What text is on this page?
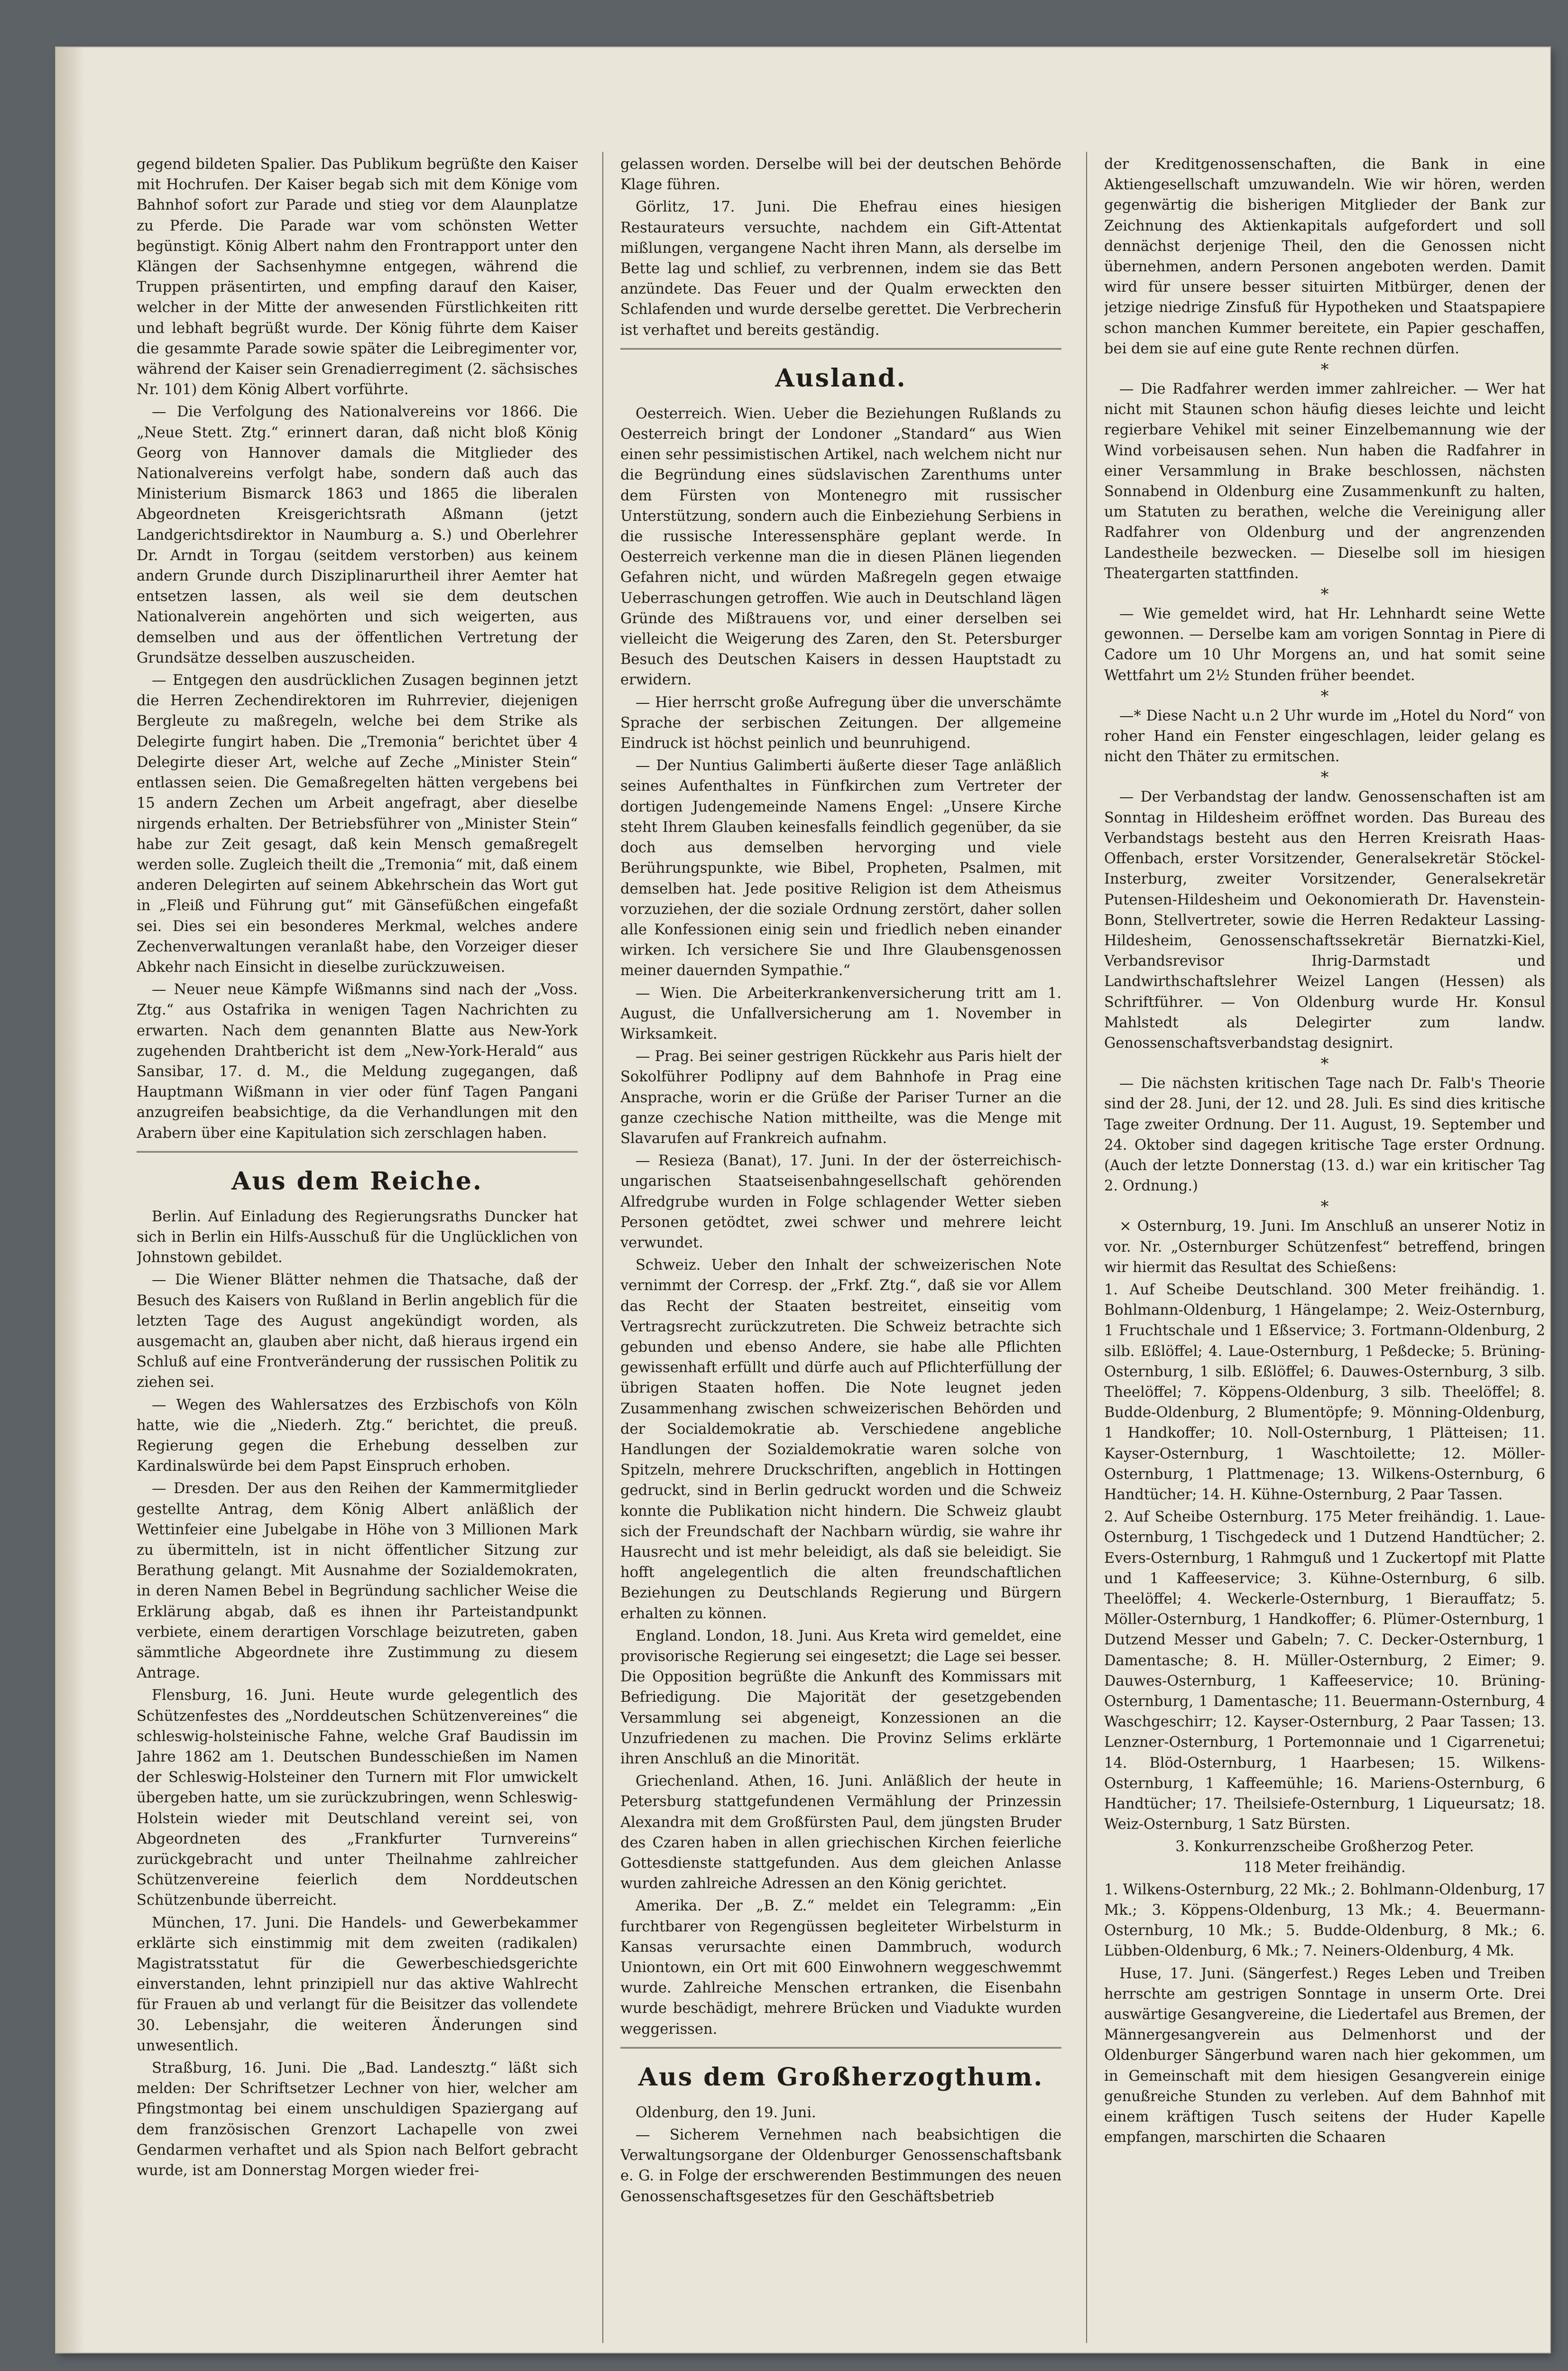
gegend bildeten Spalier. Das Publikum begrüßte den Kaiser mit Hochrufen. Der Kaiser begab sich mit dem Könige vom Bahnhof sofort zur Parade und stieg vor dem Alaunplatze zu Pferde. Die Parade war vom schönsten Wetter begünstigt. König Albert nahm den Frontrapport unter den Klängen der Sachsenhymne entgegen, während die Truppen präsentirten, und empfing darauf den Kaiser, welcher in der Mitte der anwesenden Fürstlichkeiten ritt und lebhaft begrüßt wurde. Der König führte dem Kaiser die gesammte Parade sowie später die Leibregimenter vor, während der Kaiser sein Grenadierregiment (2. sächsisches Nr. 101) dem König Albert vorführte.

— Die Verfolgung des Nationalvereins vor 1866. Die „Neue Stett. Ztg.“ erinnert daran, daß nicht bloß König Georg von Hannover damals die Mitglieder des Nationalvereins verfolgt habe, sondern daß auch das Ministerium Bismarck 1863 und 1865 die liberalen Abgeordneten Kreisgerichtsrath Aßmann (jetzt Landgerichtsdirektor in Naumburg a. S.) und Oberlehrer Dr. Arndt in Torgau (seitdem verstorben) aus keinem andern Grunde durch Disziplinarurtheil ihrer Aemter hat entsetzen lassen, als weil sie dem deutschen Nationalverein angehörten und sich weigerten, aus demselben und aus der öffentlichen Vertretung der Grundsätze desselben auszuscheiden.

— Entgegen den ausdrücklichen Zusagen beginnen jetzt die Herren Zechendirektoren im Ruhrrevier, diejenigen Bergleute zu maßregeln, welche bei dem Strike als Delegirte fungirt haben. Die „Tremonia“ berichtet über 4 Delegirte dieser Art, welche auf Zeche „Minister Stein“ entlassen seien. Die Gemaßregelten hätten vergebens bei 15 andern Zechen um Arbeit angefragt, aber dieselbe nirgends erhalten. Der Betriebsführer von „Minister Stein“ habe zur Zeit gesagt, daß kein Mensch gemaßregelt werden solle. Zugleich theilt die „Tremonia“ mit, daß einem anderen Delegirten auf seinem Abkehrschein das Wort gut in „Fleiß und Führung gut“ mit Gänsefüßchen eingefaßt sei. Dies sei ein besonderes Merkmal, welches andere Zechenverwaltungen veranlaßt habe, den Vorzeiger dieser Abkehr nach Einsicht in dieselbe zurückzuweisen.

— Neuer neue Kämpfe Wißmanns sind nach der „Voss. Ztg.“ aus Ostafrika in wenigen Tagen Nachrichten zu erwarten. Nach dem genannten Blatte aus New-York zugehenden Drahtbericht ist dem „New-York-Herald“ aus Sansibar, 17. d. M., die Meldung zugegangen, daß Hauptmann Wißmann in vier oder fünf Tagen Pangani anzugreifen beabsichtige, da die Verhandlungen mit den Arabern über eine Kapitulation sich zerschlagen haben.

Aus dem Reiche.

Berlin. Auf Einladung des Regierungsraths Duncker hat sich in Berlin ein Hilfs-Ausschuß für die Unglücklichen von Johnstown gebildet.

— Die Wiener Blätter nehmen die Thatsache, daß der Besuch des Kaisers von Rußland in Berlin angeblich für die letzten Tage des August angekündigt worden, als ausgemacht an, glauben aber nicht, daß hieraus irgend ein Schluß auf eine Frontveränderung der russischen Politik zu ziehen sei.

— Wegen des Wahlersatzes des Erzbischofs von Köln hatte, wie die „Niederh. Ztg.“ berichtet, die preuß. Regierung gegen die Erhebung desselben zur Kardinalswürde bei dem Papst Einspruch erhoben.

— Dresden. Der aus den Reihen der Kammermitglieder gestellte Antrag, dem König Albert anläßlich der Wettinfeier eine Jubelgabe in Höhe von 3 Millionen Mark zu übermitteln, ist in nicht öffentlicher Sitzung zur Berathung gelangt. Mit Ausnahme der Sozialdemokraten, in deren Namen Bebel in Begründung sachlicher Weise die Erklärung abgab, daß es ihnen ihr Parteistandpunkt verbiete, einem derartigen Vorschlage beizutreten, gaben sämmtliche Abgeordnete ihre Zustimmung zu diesem Antrage.

Flensburg, 16. Juni. Heute wurde gelegentlich des Schützenfestes des „Norddeutschen Schützenvereines“ die schleswig-holsteinische Fahne, welche Graf Baudissin im Jahre 1862 am 1. Deutschen Bundesschießen im Namen der Schleswig-Holsteiner den Turnern mit Flor umwickelt übergeben hatte, um sie zurückzubringen, wenn Schleswig-Holstein wieder mit Deutschland vereint sei, von Abgeordneten des „Frankfurter Turnvereins“ zurückgebracht und unter Theilnahme zahlreicher Schützenvereine feierlich dem Norddeutschen Schützenbunde überreicht.

München, 17. Juni. Die Handels- und Gewerbekammer erklärte sich einstimmig mit dem zweiten (radikalen) Magistratsstatut für die Gewerbeschiedsgerichte einverstanden, lehnt prinzipiell nur das aktive Wahlrecht für Frauen ab und verlangt für die Beisitzer das vollendete 30. Lebensjahr, die weiteren Änderungen sind unwesentlich.

Straßburg, 16. Juni. Die „Bad. Landesztg.“ läßt sich melden: Der Schriftsetzer Lechner von hier, welcher am Pfingstmontag bei einem unschuldigen Spaziergang auf dem französischen Grenzort Lachapelle von zwei Gendarmen verhaftet und als Spion nach Belfort gebracht wurde, ist am Donnerstag Morgen wieder frei-

gelassen worden. Derselbe will bei der deutschen Behörde Klage führen.

Görlitz, 17. Juni. Die Ehefrau eines hiesigen Restaurateurs versuchte, nachdem ein Gift-Attentat mißlungen, vergangene Nacht ihren Mann, als derselbe im Bette lag und schlief, zu verbrennen, indem sie das Bett anzündete. Das Feuer und der Qualm erweckten den Schlafenden und wurde derselbe gerettet. Die Verbrecherin ist verhaftet und bereits geständig.

Ausland.

Oesterreich. Wien. Ueber die Beziehungen Rußlands zu Oesterreich bringt der Londoner „Standard“ aus Wien einen sehr pessimistischen Artikel, nach welchem nicht nur die Begründung eines südslavischen Zarenthums unter dem Fürsten von Montenegro mit russischer Unterstützung, sondern auch die Einbeziehung Serbiens in die russische Interessensphäre geplant werde. In Oesterreich verkenne man die in diesen Plänen liegenden Gefahren nicht, und würden Maßregeln gegen etwaige Ueberraschungen getroffen. Wie auch in Deutschland lägen Gründe des Mißtrauens vor, und einer derselben sei vielleicht die Weigerung des Zaren, den St. Petersburger Besuch des Deutschen Kaisers in dessen Hauptstadt zu erwidern.

— Hier herrscht große Aufregung über die unverschämte Sprache der serbischen Zeitungen. Der allgemeine Eindruck ist höchst peinlich und beunruhigend.

— Der Nuntius Galimberti äußerte dieser Tage anläßlich seines Aufenthaltes in Fünfkirchen zum Vertreter der dortigen Judengemeinde Namens Engel: „Unsere Kirche steht Ihrem Glauben keinesfalls feindlich gegenüber, da sie doch aus demselben hervorging und viele Berührungspunkte, wie Bibel, Propheten, Psalmen, mit demselben hat. Jede positive Religion ist dem Atheismus vorzuziehen, der die soziale Ordnung zerstört, daher sollen alle Konfessionen einig sein und friedlich neben einander wirken. Ich versichere Sie und Ihre Glaubensgenossen meiner dauernden Sympathie.“

— Wien. Die Arbeiterkrankenversicherung tritt am 1. August, die Unfallversicherung am 1. November in Wirksamkeit.

— Prag. Bei seiner gestrigen Rückkehr aus Paris hielt der Sokolführer Podlipny auf dem Bahnhofe in Prag eine Ansprache, worin er die Grüße der Pariser Turner an die ganze czechische Nation mittheilte, was die Menge mit Slavarufen auf Frankreich aufnahm.

— Resieza (Banat), 17. Juni. In der der österreichisch-ungarischen Staatseisenbahngesellschaft gehörenden Alfredgrube wurden in Folge schlagender Wetter sieben Personen getödtet, zwei schwer und mehrere leicht verwundet.

Schweiz. Ueber den Inhalt der schweizerischen Note vernimmt der Corresp. der „Frkf. Ztg.“, daß sie vor Allem das Recht der Staaten bestreitet, einseitig vom Vertragsrecht zurückzutreten. Die Schweiz betrachte sich gebunden und ebenso Andere, sie habe alle Pflichten gewissenhaft erfüllt und dürfe auch auf Pflichterfüllung der übrigen Staaten hoffen. Die Note leugnet jeden Zusammenhang zwischen schweizerischen Behörden und der Socialdemokratie ab. Verschiedene angebliche Handlungen der Sozialdemokratie waren solche von Spitzeln, mehrere Druckschriften, angeblich in Hottingen gedruckt, sind in Berlin gedruckt worden und die Schweiz konnte die Publikation nicht hindern. Die Schweiz glaubt sich der Freundschaft der Nachbarn würdig, sie wahre ihr Hausrecht und ist mehr beleidigt, als daß sie beleidigt. Sie hofft angelegentlich die alten freundschaftlichen Beziehungen zu Deutschlands Regierung und Bürgern erhalten zu können.

England. London, 18. Juni. Aus Kreta wird gemeldet, eine provisorische Regierung sei eingesetzt; die Lage sei besser. Die Opposition begrüßte die Ankunft des Kommissars mit Befriedigung. Die Majorität der gesetzgebenden Versammlung sei abgeneigt, Konzessionen an die Unzufriedenen zu machen. Die Provinz Selims erklärte ihren Anschluß an die Minorität.

Griechenland. Athen, 16. Juni. Anläßlich der heute in Petersburg stattgefundenen Vermählung der Prinzessin Alexandra mit dem Großfürsten Paul, dem jüngsten Bruder des Czaren haben in allen griechischen Kirchen feierliche Gottesdienste stattgefunden. Aus dem gleichen Anlasse wurden zahlreiche Adressen an den König gerichtet.

Amerika. Der „B. Z.“ meldet ein Telegramm: „Ein furchtbarer von Regengüssen begleiteter Wirbelsturm in Kansas verursachte einen Dammbruch, wodurch Uniontown, ein Ort mit 600 Einwohnern weggeschwemmt wurde. Zahlreiche Menschen ertranken, die Eisenbahn wurde beschädigt, mehrere Brücken und Viadukte wurden weggerissen.

Aus dem Großherzogthum.

Oldenburg, den 19. Juni.

— Sicherem Vernehmen nach beabsichtigen die Verwaltungsorgane der Oldenburger Genossenschaftsbank e. G. in Folge der erschwerenden Bestimmungen des neuen Genossenschaftsgesetzes für den Geschäftsbetrieb

der Kreditgenossenschaften, die Bank in eine Aktiengesellschaft umzuwandeln. Wie wir hören, werden gegenwärtig die bisherigen Mitglieder der Bank zur Zeichnung des Aktienkapitals aufgefordert und soll dennächst derjenige Theil, den die Genossen nicht übernehmen, andern Personen angeboten werden. Damit wird für unsere besser situirten Mitbürger, denen der jetzige niedrige Zinsfuß für Hypotheken und Staatspapiere schon manchen Kummer bereitete, ein Papier geschaffen, bei dem sie auf eine gute Rente rechnen dürfen.

*

— Die Radfahrer werden immer zahlreicher. — Wer hat nicht mit Staunen schon häufig dieses leichte und leicht regierbare Vehikel mit seiner Einzelbemannung wie der Wind vorbeisausen sehen. Nun haben die Radfahrer in einer Versammlung in Brake beschlossen, nächsten Sonnabend in Oldenburg eine Zusammenkunft zu halten, um Statuten zu berathen, welche die Vereinigung aller Radfahrer von Oldenburg und der angrenzenden Landestheile bezwecken. — Dieselbe soll im hiesigen Theatergarten stattfinden.

*

— Wie gemeldet wird, hat Hr. Lehnhardt seine Wette gewonnen. — Derselbe kam am vorigen Sonntag in Piere di Cadore um 10 Uhr Morgens an, und hat somit seine Wettfahrt um 2½ Stunden früher beendet.

*

—* Diese Nacht u.n 2 Uhr wurde im „Hotel du Nord“ von roher Hand ein Fenster eingeschlagen, leider gelang es nicht den Thäter zu ermitschen.

*

— Der Verbandstag der landw. Genossenschaften ist am Sonntag in Hildesheim eröffnet worden. Das Bureau des Verbandstags besteht aus den Herren Kreisrath Haas-Offenbach, erster Vorsitzender, Generalsekretär Stöckel-Insterburg, zweiter Vorsitzender, Generalsekretär Putensen-Hildesheim und Oekonomierath Dr. Havenstein-Bonn, Stellvertreter, sowie die Herren Redakteur Lassing-Hildesheim, Genossenschaftssekretär Biernatzki-Kiel, Verbandsrevisor Ihrig-Darmstadt und Landwirthschaftslehrer Weizel Langen (Hessen) als Schriftführer. — Von Oldenburg wurde Hr. Konsul Mahlstedt als Delegirter zum landw. Genossenschaftsverbandstag designirt.

*

— Die nächsten kritischen Tage nach Dr. Falb's Theorie sind der 28. Juni, der 12. und 28. Juli. Es sind dies kritische Tage zweiter Ordnung. Der 11. August, 19. September und 24. Oktober sind dagegen kritische Tage erster Ordnung. (Auch der letzte Donnerstag (13. d.) war ein kritischer Tag 2. Ordnung.)

*

× Osternburg, 19. Juni. Im Anschluß an unserer Notiz in vor. Nr. „Osternburger Schützenfest“ betreffend, bringen wir hiermit das Resultat des Schießens:

1. Auf Scheibe Deutschland. 300 Meter freihändig. 1. Bohlmann-Oldenburg, 1 Hängelampe; 2. Weiz-Osternburg, 1 Fruchtschale und 1 Eßservice; 3. Fortmann-Oldenburg, 2 silb. Eßlöffel; 4. Laue-Osternburg, 1 Peßdecke; 5. Brüning-Osternburg, 1 silb. Eßlöffel; 6. Dauwes-Osternburg, 3 silb. Theelöffel; 7. Köppens-Oldenburg, 3 silb. Theelöffel; 8. Budde-Oldenburg, 2 Blumentöpfe; 9. Mönning-Oldenburg, 1 Handkoffer; 10. Noll-Osternburg, 1 Plätteisen; 11. Kayser-Osternburg, 1 Waschtoilette; 12. Möller-Osternburg, 1 Plattmenage; 13. Wilkens-Osternburg, 6 Handtücher; 14. H. Kühne-Osternburg, 2 Paar Tassen.

2. Auf Scheibe Osternburg. 175 Meter freihändig. 1. Laue-Osternburg, 1 Tischgedeck und 1 Dutzend Handtücher; 2. Evers-Osternburg, 1 Rahmguß und 1 Zuckertopf mit Platte und 1 Kaffeeservice; 3. Kühne-Osternburg, 6 silb. Theelöffel; 4. Weckerle-Osternburg, 1 Bierauffatz; 5. Möller-Osternburg, 1 Handkoffer; 6. Plümer-Osternburg, 1 Dutzend Messer und Gabeln; 7. C. Decker-Osternburg, 1 Damentasche; 8. H. Müller-Osternburg, 2 Eimer; 9. Dauwes-Osternburg, 1 Kaffeeservice; 10. Brüning-Osternburg, 1 Damentasche; 11. Beuermann-Osternburg, 4 Waschgeschirr; 12. Kayser-Osternburg, 2 Paar Tassen; 13. Lenzner-Osternburg, 1 Portemonnaie und 1 Cigarrenetui; 14. Blöd-Osternburg, 1 Haarbesen; 15. Wilkens-Osternburg, 1 Kaffeemühle; 16. Mariens-Osternburg, 6 Handtücher; 17. Theilsiefe-Osternburg, 1 Liqueursatz; 18. Weiz-Osternburg, 1 Satz Bürsten.

3. Konkurrenzscheibe Großherzog Peter.
118 Meter freihändig.

1. Wilkens-Osternburg, 22 Mk.; 2. Bohlmann-Oldenburg, 17 Mk.; 3. Köppens-Oldenburg, 13 Mk.; 4. Beuermann-Osternburg, 10 Mk.; 5. Budde-Oldenburg, 8 Mk.; 6. Lübben-Oldenburg, 6 Mk.; 7. Neiners-Oldenburg, 4 Mk.

Huse, 17. Juni. (Sängerfest.) Reges Leben und Treiben herrschte am gestrigen Sonntage in unserm Orte. Drei auswärtige Gesangvereine, die Liedertafel aus Bremen, der Männergesangverein aus Delmenhorst und der Oldenburger Sängerbund waren nach hier gekommen, um in Gemeinschaft mit dem hiesigen Gesangverein einige genußreiche Stunden zu verleben. Auf dem Bahnhof mit einem kräftigen Tusch seitens der Huder Kapelle empfangen, marschirten die Schaaren
